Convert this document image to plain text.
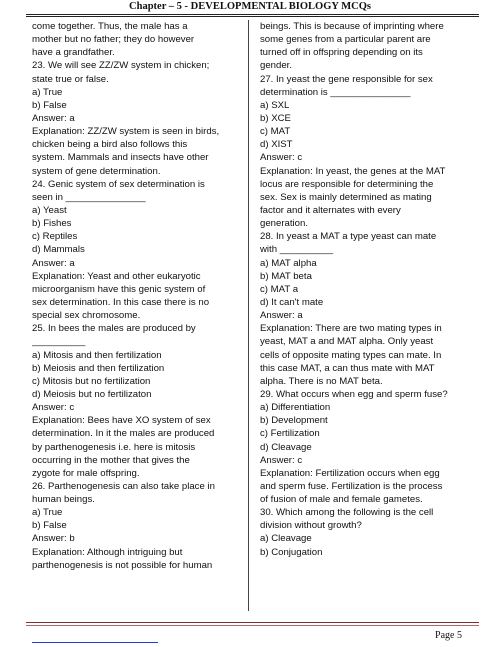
Chapter – 5 - DEVELOPMENTAL BIOLOGY MCQs
come together. Thus, the male has a
mother but no father; they do however
have a grandfather.
23. We will see ZZ/ZW system in chicken;
state true or false.
a) True
b) False
Answer: a
Explanation: ZZ/ZW system is seen in birds,
chicken being a bird also follows this
system. Mammals and insects have other
system of gene determination.
24. Genic system of sex determination is
seen in _______________
a) Yeast
b) Fishes
c) Reptiles
d) Mammals
Answer: a
Explanation: Yeast and other eukaryotic
microorganism have this genic system of
sex determination. In this case there is no
special sex chromosome.
25. In bees the males are produced by
__________
a) Mitosis and then fertilization
b) Meiosis and then fertilization
c) Mitosis but no fertilization
d) Meiosis but no fertilizaton
Answer: c
Explanation: Bees have XO system of sex
determination. In it the males are produced
by parthenogenesis i.e. here is mitosis
occurring in the mother that gives the
zygote for male offspring.
26. Parthenogenesis can also take place in
human beings.
a) True
b) False
Answer: b
Explanation: Although intriguing but
parthenogenesis is not possible for human
beings. This is because of imprinting where
some genes from a particular parent are
turned off in offspring depending on its
gender.
27. In yeast the gene responsible for sex
determination is _______________
a) SXL
b) XCE
c) MAT
d) XIST
Answer: c
Explanation: In yeast, the genes at the MAT
locus are responsible for determining the
sex. Sex is mainly determined as mating
factor and it alternates with every
generation.
28. In yeast a MAT a type yeast can mate
with __________
a) MAT alpha
b) MAT beta
c) MAT a
d) It can't mate
Answer: a
Explanation: There are two mating types in
yeast, MAT a and MAT alpha. Only yeast
cells of opposite mating types can mate. In
this case MAT, a can thus mate with MAT
alpha. There is no MAT beta.
29. What occurs when egg and sperm fuse?
a) Differentiation
b) Development
c) Fertilization
d) Cleavage
Answer: c
Explanation: Fertilization occurs when egg
and sperm fuse. Fertilization is the process
of fusion of male and female gametes.
30. Which among the following is the cell
division without growth?
a) Cleavage
b) Conjugation
Page 5
